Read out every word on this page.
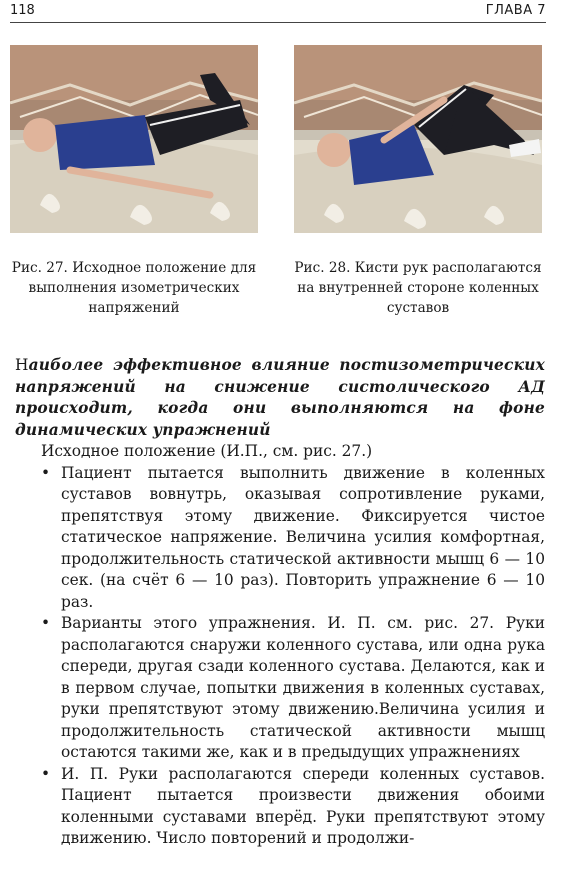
118	ГЛАВА 7
Рис. 27. Исходное положение для выполнения изометрических напряжений
Рис. 28. Кисти рук располагаются на внутренней стороне коленных суставов
Наиболее эффективное влияние постизометрических напряжений на снижение систолического АД происходит, когда они выполняются на фоне динамических упражнений
Исходное положение (И.П., см. рис. 27.)
• Пациент пытается выполнить движение в коленных суставов вовнутрь, оказывая сопротивление руками, препятствуя этому движение. Фиксируется чистое статическое напряжение. Величина усилия комфортная, продолжительность статической активности мышц 6 — 10 сек. (на счёт 6 — 10 раз). Повторить упражнение 6 — 10 раз.
• Варианты этого упражнения. И. П. см. рис. 27. Руки располагаются снаружи коленного сустава, или одна рука спереди, другая сзади коленного сустава. Делаются, как и в первом случае, попытки движения в коленных суставах, руки препятствуют этому движению.Величина усилия и продолжительность статической активности мышц остаются такими же, как и в предыдущих упражнениях
• И. П. Руки располагаются спереди коленных суставов. Пациент пытается произвести движения обоими коленными суставами вперёд. Руки препятствуют этому движению. Число повторений и продолжи-
